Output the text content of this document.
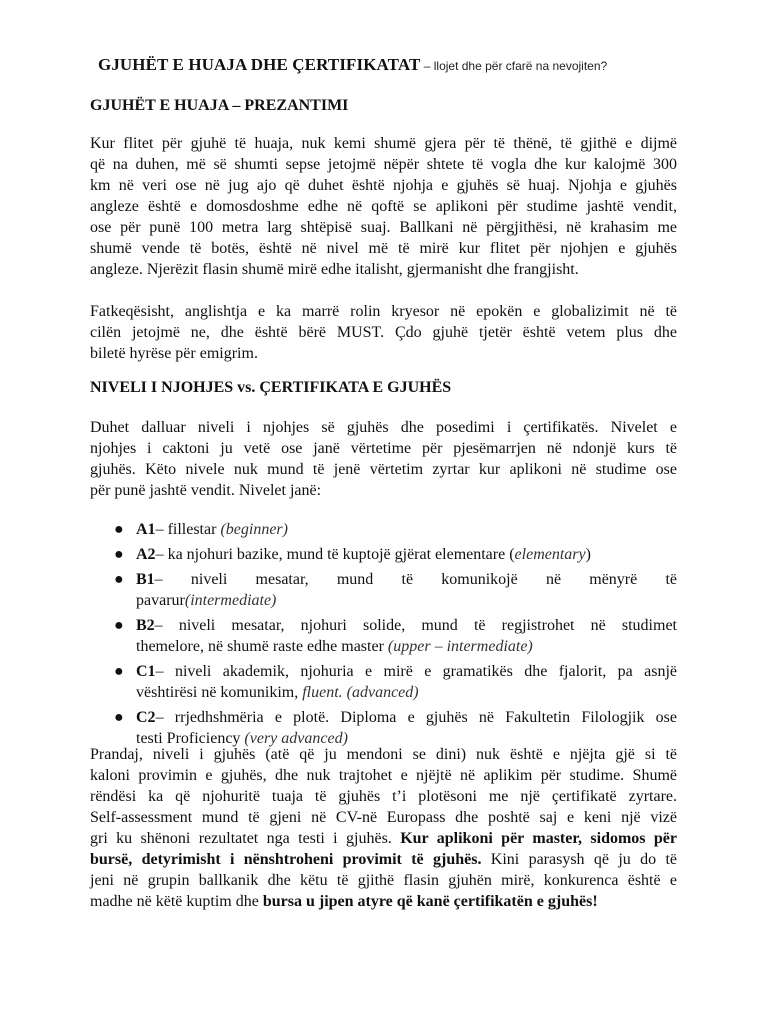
GJUHËT E HUAJA DHE ÇERTIFIKATAT – llojet dhe për cfarë na nevojiten?
GJUHËT E HUAJA – PREZANTIMI
Kur flitet për gjuhë të huaja, nuk kemi shumë gjera për të thënë, të gjithë e dijmë
që na duhen, më së shumti sepse jetojmë nëpër shtete të vogla dhe kur kalojmë 300
km në veri ose në jug ajo që duhet është njohja e gjuhës së huaj. Njohja e gjuhës
angleze është e domosdoshme edhe në qoftë se aplikoni për studime jashtë vendit,
ose për punë 100 metra larg shtëpisë suaj. Ballkani në përgjithësi, në krahasim me
shumë vende të botës, është në nivel më të mirë kur flitet për njohjen e gjuhës
angleze. Njerëzit flasin shumë mirë edhe italisht, gjermanisht dhe frangjisht.
Fatkeqësisht, anglishtja e ka marrë rolin kryesor në epokën e globalizimit në të
cilën jetojmë ne, dhe është bërë MUST. Çdo gjuhë tjetër është vetem plus dhe
biletë hyrëse për emigrim.
NIVELI I NJOHJES vs. ÇERTIFIKATA E GJUHËS
Duhet dalluar niveli i njohjes së gjuhës dhe posedimi i çertifikatës. Nivelet e
njohjes i caktoni ju vetë ose janë vërtetime për pjesëmarrjen në ndonjë kurs të
gjuhës. Këto nivele nuk mund të jenë vërtetim zyrtar kur aplikoni në studime ose
për punë jashtë vendit. Nivelet janë:
● A1– fillestar (beginner)
● A2– ka njohuri bazike, mund të kuptojë gjërat elementare (elementary)
● B1– niveli mesatar, mund të komunikojë në mënyrë të
pavarur(intermediate)
● B2– niveli mesatar, njohuri solide, mund të regjistrohet në studimet
themelore, në shumë raste edhe master (upper – intermediate)
● C1– niveli akademik, njohuria e mirë e gramatikës dhe fjalorit, pa asnjë
vështirësi në komunikim, fluent. (advanced)
● C2– rrjedhshmëria e plotë. Diploma e gjuhës në Fakultetin Filologjik ose
testi Proficiency (very advanced)
Prandaj, niveli i gjuhës (atë që ju mendoni se dini) nuk është e njëjta gjë si të
kaloni provimin e gjuhës, dhe nuk trajtohet e njëjtë në aplikim për studime. Shumë
rëndësi ka që njohuritë tuaja të gjuhës t’i plotësoni me një çertifikatë zyrtare.
Self-assessment mund të gjeni në CV-në Europass dhe poshtë saj e keni një vizë
gri ku shënoni rezultatet nga testi i gjuhës. Kur aplikoni për master, sidomos për
bursë, detyrimisht i nënshtroheni provimit të gjuhës. Kini parasysh që ju do të
jeni në grupin ballkanik dhe këtu të gjithë flasin gjuhën mirë, konkurenca është e
madhe në këtë kuptim dhe bursa u jipen atyre që kanë çertifikatën e gjuhës!
